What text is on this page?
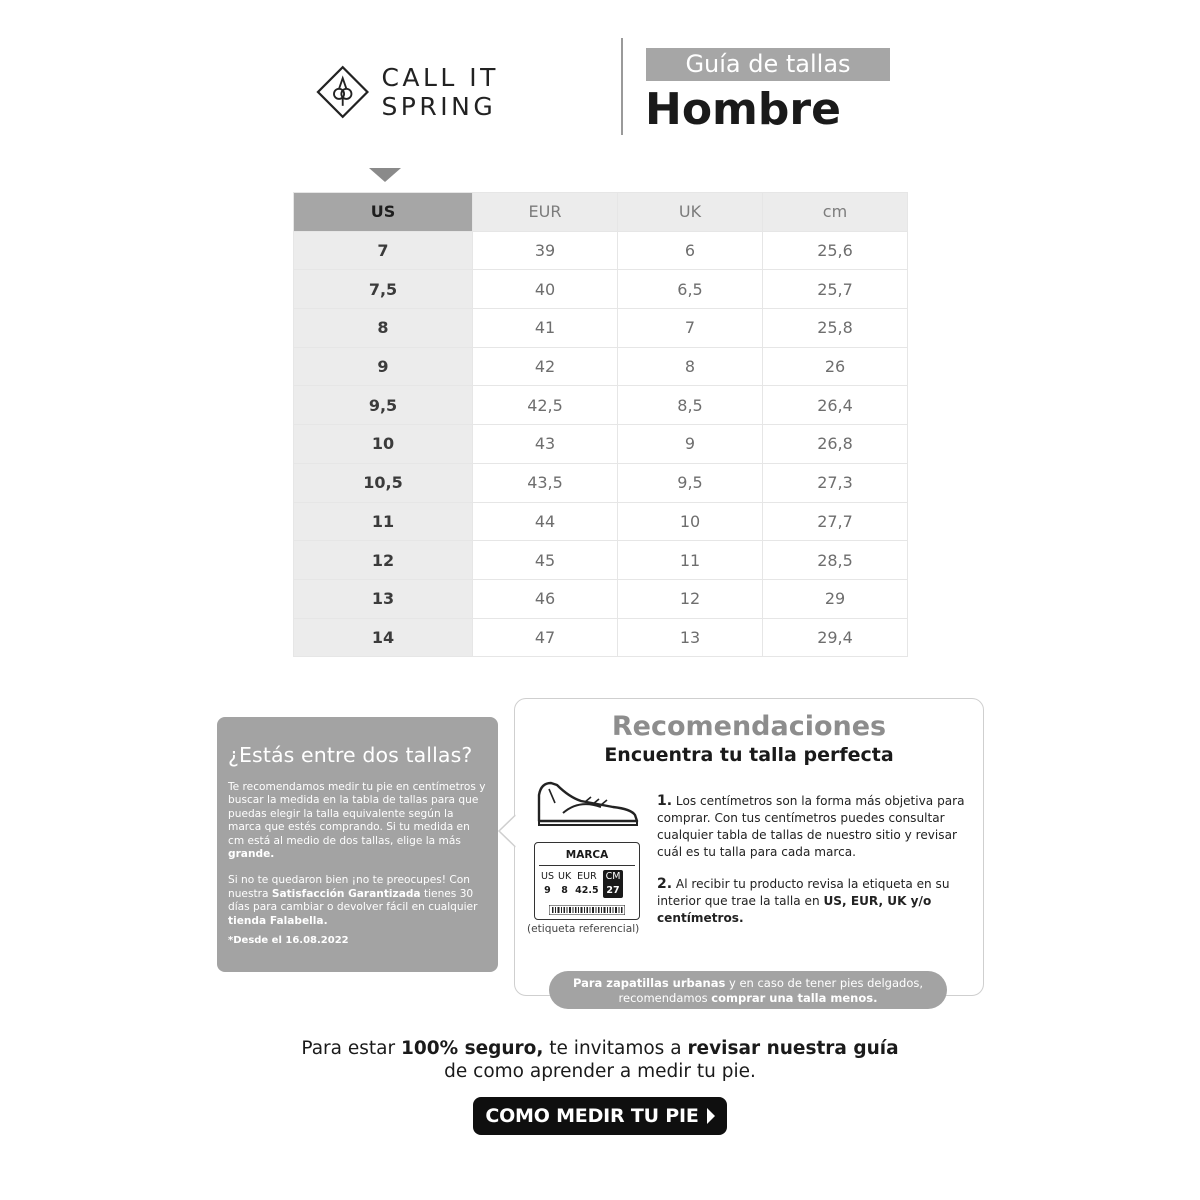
CALL IT SPRING
Guía de tallas
Hombre
US	EUR	UK	cm
7	39	6	25,6
7,5	40	6,5	25,7
8	41	7	25,8
9	42	8	26
9,5	42,5	8,5	26,4
10	43	9	26,8
10,5	43,5	9,5	27,3
11	44	10	27,7
12	45	11	28,5
13	46	12	29
14	47	13	29,4
¿Estás entre dos tallas?

Te recomendamos medir tu pie en centímetros y buscar la medida en la tabla de tallas para que puedas elegir la talla equivalente según la marca que estés comprando. Si tu medida en cm está al medio de dos tallas, elige la más grande.

Si no te quedaron bien ¡no te preocupes! Con nuestra Satisfacción Garantizada tienes 30 días para cambiar o devolver fácil en cualquier tienda Falabella.

*Desde el 16.08.2022
Recomendaciones
Encuentra tu talla perfecta
MARCA
US
9
UK
8
EUR
42.5
CM
27
(etiqueta referencial)
1. Los centímetros son la forma más objetiva para comprar. Con tus centímetros puedes consultar cualquier tabla de tallas de nuestro sitio y revisar cuál es tu talla para cada marca.
2. Al recibir tu producto revisa la etiqueta en su interior que trae la talla en US, EUR, UK y/o centímetros.
Para zapatillas urbanas y en caso de tener pies delgados, recomendamos comprar una talla menos.
Para estar 100% seguro, te invitamos a revisar nuestra guía
de como aprender a medir tu pie.
COMO MEDIR TU PIE
